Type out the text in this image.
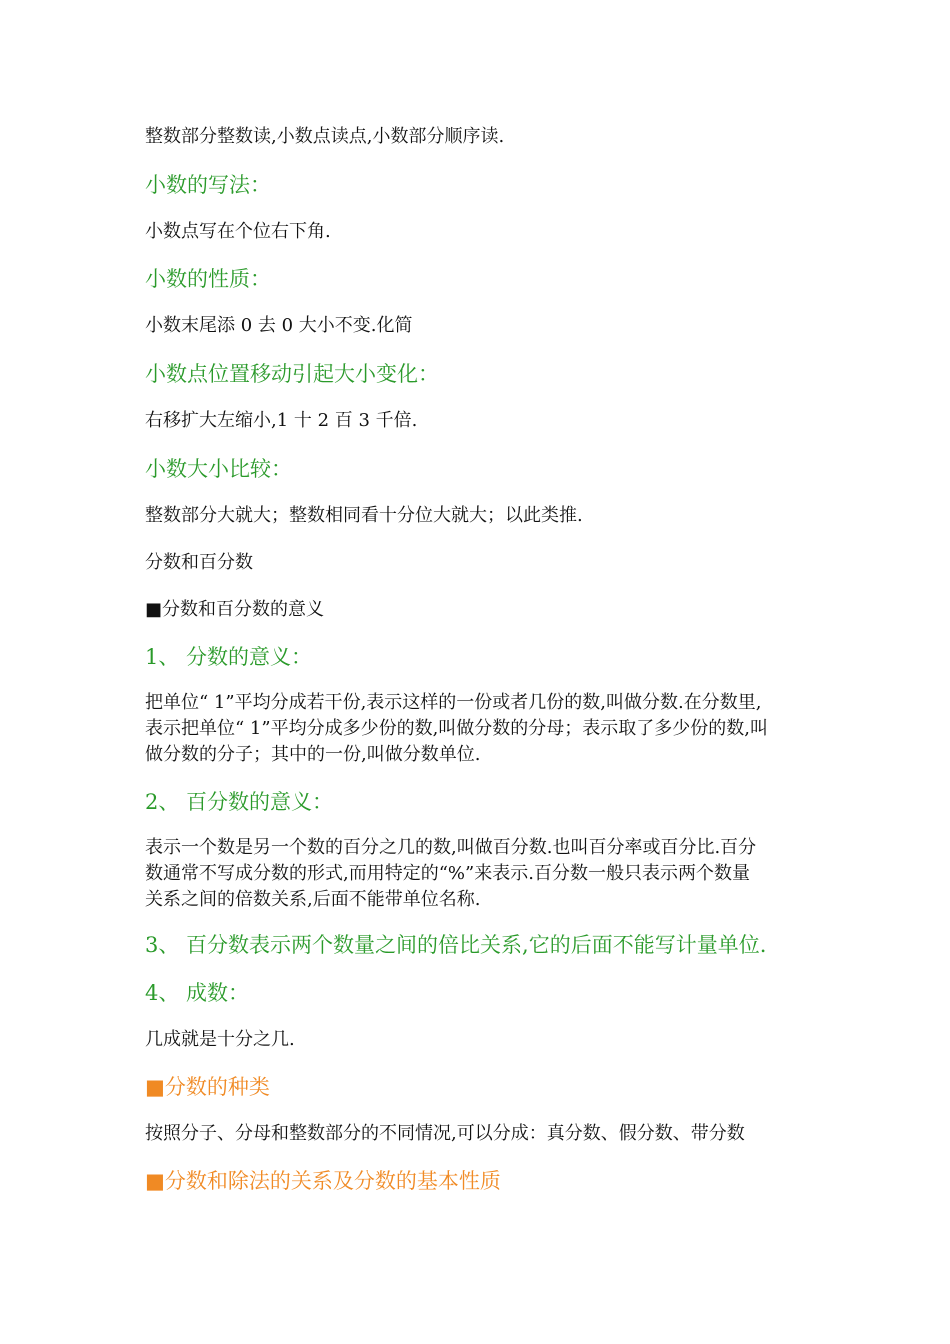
整数部分整数读,小数点读点,小数部分顺序读.

小数的写法：

小数点写在个位右下角.

小数的性质：

小数末尾添 0 去 0 大小不变.化简

小数点位置移动引起大小变化：

右移扩大左缩小,1 十 2 百 3 千倍.

小数大小比较：

整数部分大就大；整数相同看十分位大就大；以此类推.

分数和百分数

■分数和百分数的意义

1、 分数的意义：

把单位“ 1”平均分成若干份,表示这样的一份或者几份的数,叫做分数.在分数里,
表示把单位“ 1”平均分成多少份的数,叫做分数的分母；表示取了多少份的数,叫
做分数的分子；其中的一份,叫做分数单位.

2、 百分数的意义：

表示一个数是另一个数的百分之几的数,叫做百分数.也叫百分率或百分比.百分
数通常不写成分数的形式,而用特定的“%”来表示.百分数一般只表示两个数量
关系之间的倍数关系,后面不能带单位名称.

3、 百分数表示两个数量之间的倍比关系,它的后面不能写计量单位.

4、 成数：

几成就是十分之几.

■分数的种类

按照分子、分母和整数部分的不同情况,可以分成：真分数、假分数、带分数

■分数和除法的关系及分数的基本性质
